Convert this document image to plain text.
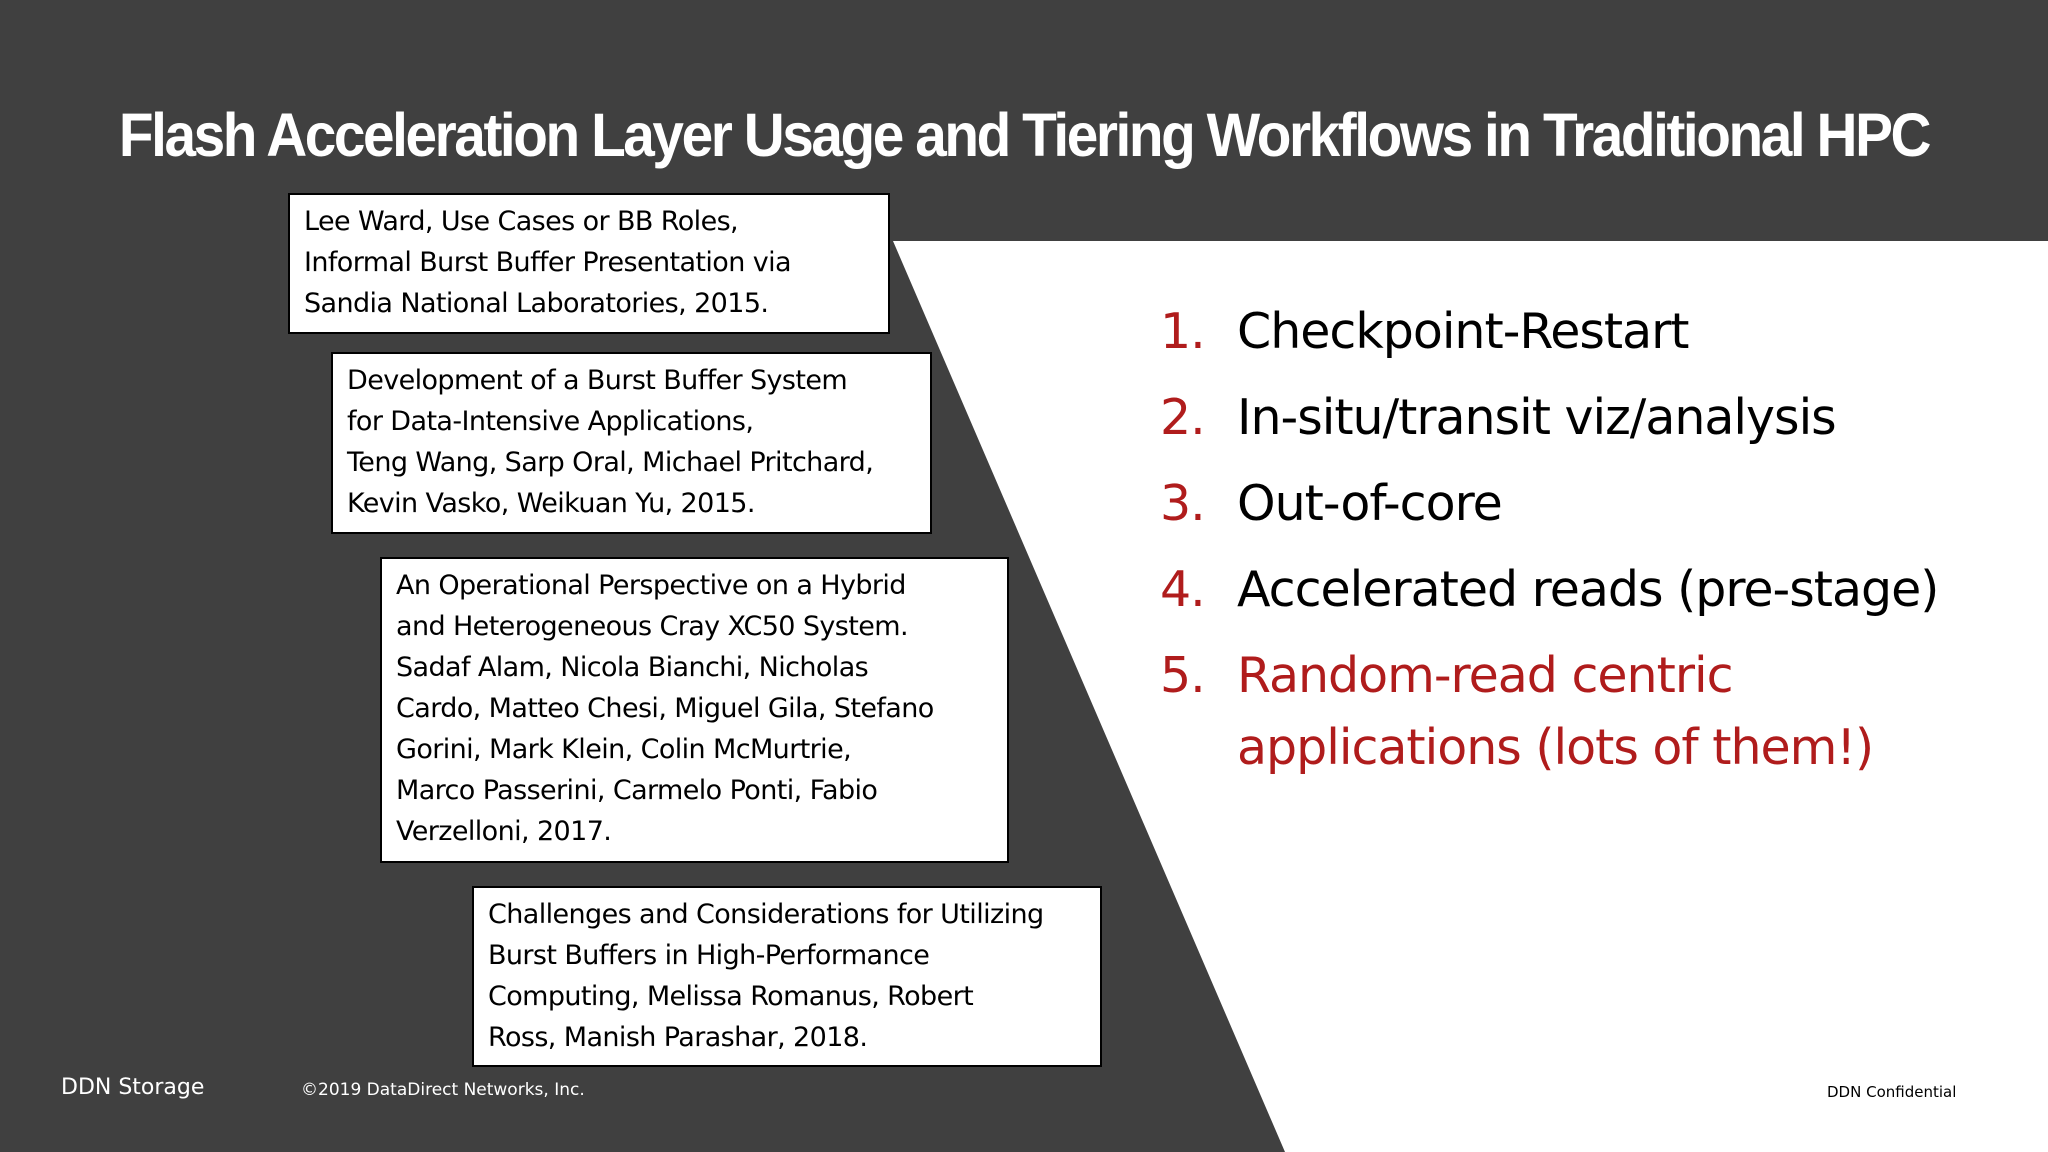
Flash Acceleration Layer Usage and Tiering Workflows in Traditional HPC
Lee Ward, Use Cases or BB Roles,
Informal Burst Buffer Presentation via
Sandia National Laboratories, 2015.
Development of a Burst Buffer System
for Data-Intensive Applications,
Teng Wang, Sarp Oral, Michael Pritchard,
Kevin Vasko, Weikuan Yu, 2015.
An Operational Perspective on a Hybrid
and Heterogeneous Cray XC50 System.
Sadaf Alam, Nicola Bianchi, Nicholas
Cardo, Matteo Chesi, Miguel Gila, Stefano
Gorini, Mark Klein, Colin McMurtrie,
Marco Passerini, Carmelo Ponti, Fabio
Verzelloni, 2017.
Challenges and Considerations for Utilizing
Burst Buffers in High-Performance
Computing, Melissa Romanus, Robert
Ross, Manish Parashar, 2018.
1. Checkpoint-Restart
2. In-situ/transit viz/analysis
3. Out-of-core
4. Accelerated reads (pre-stage)
5. Random-read centric
applications (lots of them!)
DDN Storage	©2019 DataDirect Networks, Inc.	DDN Confidential
